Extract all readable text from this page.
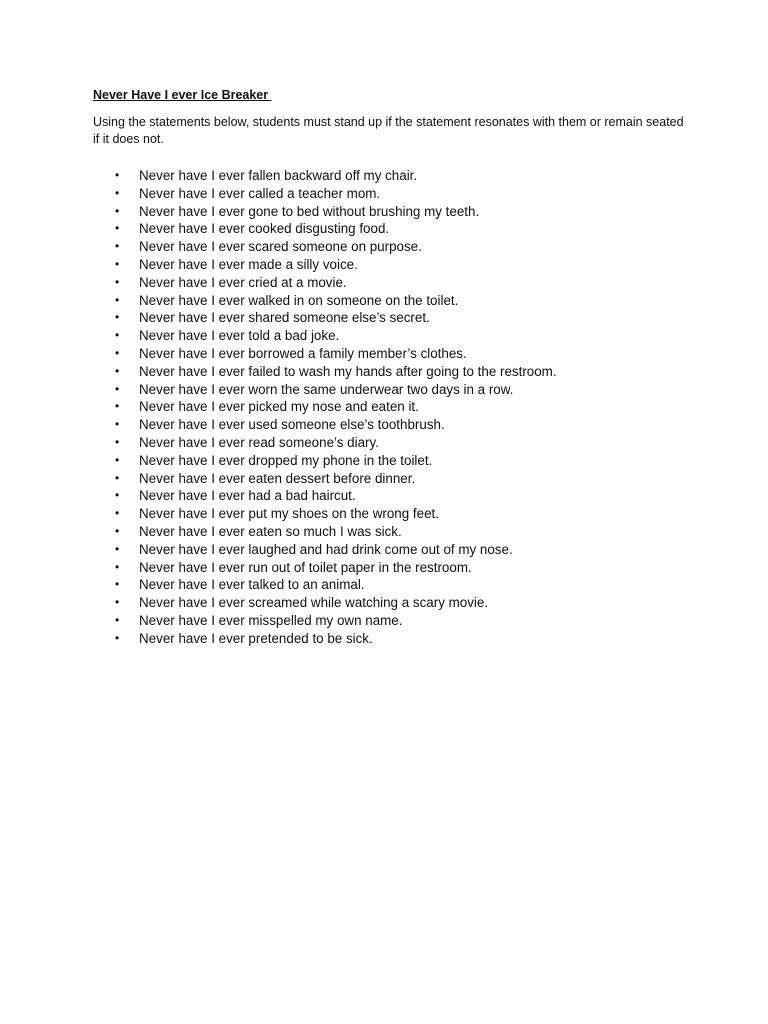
Never Have I ever Ice Breaker
Using the statements below, students must stand up if the statement resonates with them or remain seated if it does not.
• Never have I ever fallen backward off my chair.
• Never have I ever called a teacher mom.
• Never have I ever gone to bed without brushing my teeth.
• Never have I ever cooked disgusting food.
• Never have I ever scared someone on purpose.
• Never have I ever made a silly voice.
• Never have I ever cried at a movie.
• Never have I ever walked in on someone on the toilet.
• Never have I ever shared someone else’s secret.
• Never have I ever told a bad joke.
• Never have I ever borrowed a family member’s clothes.
• Never have I ever failed to wash my hands after going to the restroom.
• Never have I ever worn the same underwear two days in a row.
• Never have I ever picked my nose and eaten it.
• Never have I ever used someone else’s toothbrush.
• Never have I ever read someone’s diary.
• Never have I ever dropped my phone in the toilet.
• Never have I ever eaten dessert before dinner.
• Never have I ever had a bad haircut.
• Never have I ever put my shoes on the wrong feet.
• Never have I ever eaten so much I was sick.
• Never have I ever laughed and had drink come out of my nose.
• Never have I ever run out of toilet paper in the restroom.
• Never have I ever talked to an animal.
• Never have I ever screamed while watching a scary movie.
• Never have I ever misspelled my own name.
• Never have I ever pretended to be sick.
